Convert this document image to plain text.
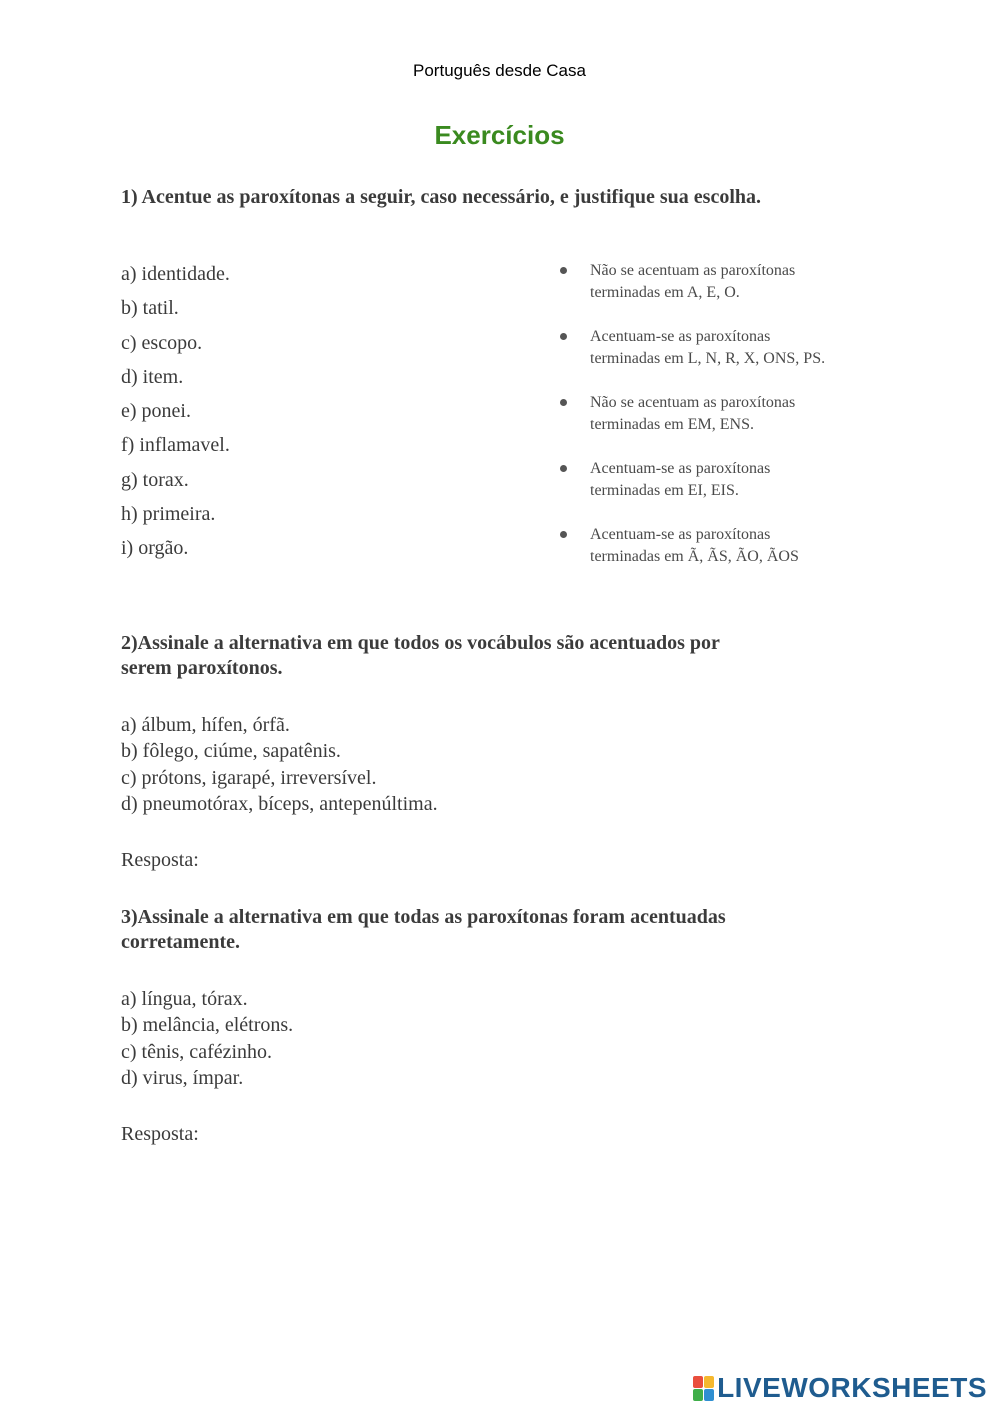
Português desde Casa
Exercícios
1) Acentue as paroxítonas a seguir, caso necessário, e justifique sua escolha.
a) identidade.
b) tatil.
c) escopo.
d) item.
e) ponei.
f) inflamavel.
g) torax.
h) primeira.
i) orgão.
Não se acentuam as paroxítonas
terminadas em A, E, O.
Acentuam-se as paroxítonas
terminadas em L, N, R, X, ONS, PS.
Não se acentuam as paroxítonas
terminadas em EM, ENS.
Acentuam-se as paroxítonas
terminadas em EI, EIS.
Acentuam-se as paroxítonas
terminadas em Ã, ÃS, ÃO, ÃOS
2)Assinale a alternativa em que todos os vocábulos são acentuados por
serem paroxítonos.
a) álbum, hífen, órfã.
b) fôlego, ciúme, sapatênis.
c) prótons, igarapé, irreversível.
d) pneumotórax, bíceps, antepenúltima.
Resposta:
3)Assinale a alternativa em que todas as paroxítonas foram acentuadas
corretamente.
a) língua, tórax.
b) melância, elétrons.
c) tênis, cafézinho.
d) virus, ímpar.
Resposta:
LIVEWORKSHEETS
